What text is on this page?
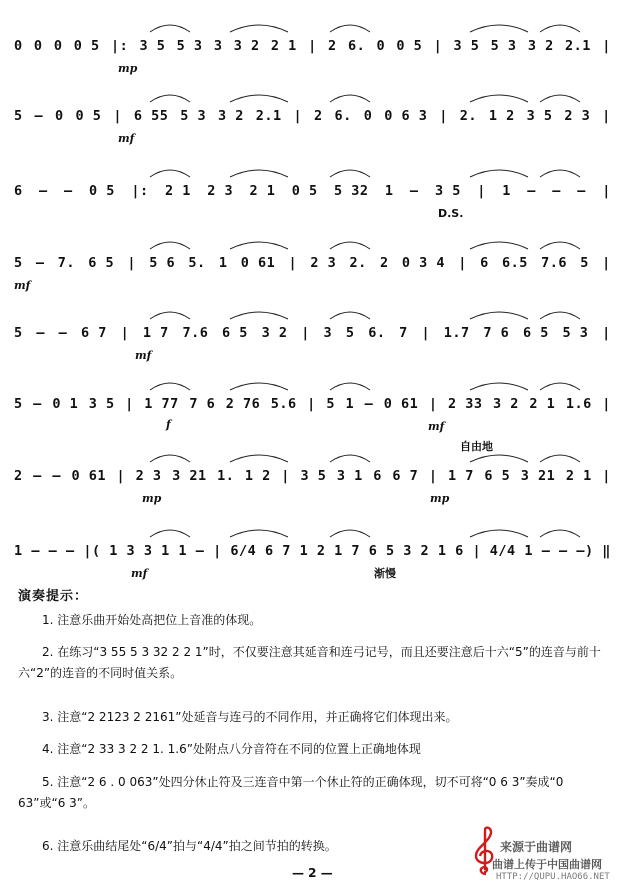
0 0 0 0 5 |: 3 5 5 3 3 3 2 2 1 | 2 6. 0 0 5 | 3 5 5 3 3 2 2.1 |
mp
5 – 0 0 5 | 6 55 5 3 3 2 2.1 | 2 6. 0 0 6 3 | 2. 1 2 3 5 2 3 |
mf
6 – – 0 5 |: 2 1 2 3 2 1 0 5 5 32 1 – 3 5 | 1 – – – |
D.S.
5 – 7. 6 5 | 5 6 5. 1 0 61 | 2 3 2. 2 0 3 4 | 6 6.5 7.6 5 |
mf
5 – – 6 7 | 1 7 7.6 6 5 3 2 | 3 5 6. 7 | 1.7 7 6 6 5 5 3 |
mf
5 – 0 1 3 5 | 1 77 7 6 2 76 5.6 | 5 1 – 0 61 | 2 33 3 2 2 1 1.6 |
f	mf
2 – – 0 61 | 2 3 3 21 1. 1 2 | 3 5 3 1 6 6 7 | 1 7 6 5 3 21 2 1 |
mp	mp
自由地
1 – – – |( 1 3 3 1 1 – | 6/4 6 7 1 2 1 7 6 5 3 2 1 6 | 4/4 1 – – –) ‖
mf	渐慢
演奏提示：
1. 注意乐曲开始处高把位上音准的体现。
2. 在练习“3 55 5 3 32 2 2 1”时，不仅要注意其延音和连弓记号，而且还要注意后十六“5”的连音与前十六“2”的连音的不同时值关系。
3. 注意“2 2123 2 2161”处延音与连弓的不同作用，并正确将它们体现出来。
4. 注意“2 33 3 2 2 1. 1.6”处附点八分音符在不同的位置上正确地体现
5. 注意“2 6 . 0 063”处四分休止符及三连音中第一个休止符的正确体现，切不可将“0 6 3”奏成“0 63”或“6 3”。
6. 注意乐曲结尾处“6/4”拍与“4/4”拍之间节拍的转换。
— 2 —
来源于曲谱网
曲谱上传于中国曲谱网
HTTP://QUPU.HAO66.NET
